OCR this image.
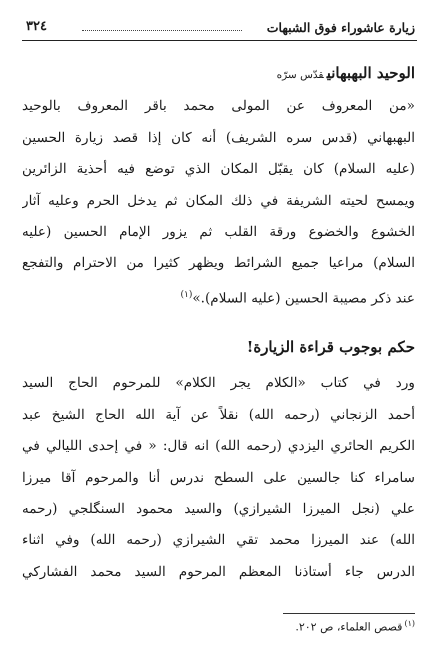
زيارة عاشوراء فوق الشبهات
٣٢٤
الوحيد البهبهانيقدّس سرّه
«من المعروف عن المولى محمد باقر المعروف بالوحيد
البهبهاني (قدس سره الشريف) أنه كان إذا قصد زيارة الحسين
(عليه السلام) كان يقبّل المكان الذي توضع فيه أحذية الزائرين
ويمسح لحيته الشريفة في ذلك المكان ثم يدخل الحرم وعليه آثار
الخشوع والخضوع ورقة القلب ثم يزور الإمام الحسين (عليه
السلام) مراعيا جميع الشرائط ويظهر كثيرا من الاحترام والتفجع
عند ذكر مصيبة الحسين (عليه السلام).»$^{(١)}$
حكم بوجوب قراءة الزيارة!
ورد في كتاب «الكلام يجر الكلام» للمرحوم الحاج السيد
أحمد الزنجاني (رحمه الله) نقلاً عن آية الله الحاج الشيخ عبد
الكريم الحائري اليزدي (رحمه الله) انه قال: « في إحدى الليالي في
سامراء كنا جالسين على السطح ندرس أنا والمرحوم آقا ميرزا
علي (نجل الميرزا الشيرازي) والسيد محمود السنگلجي (رحمه
الله) عند الميرزا محمد تقي الشيرازي (رحمه الله) وفي اثناء
الدرس جاء أستاذنا المعظم المرحوم السيد محمد الفشاركي
$^{(١)}$قصص العلماء، ص ٢٠٢.
